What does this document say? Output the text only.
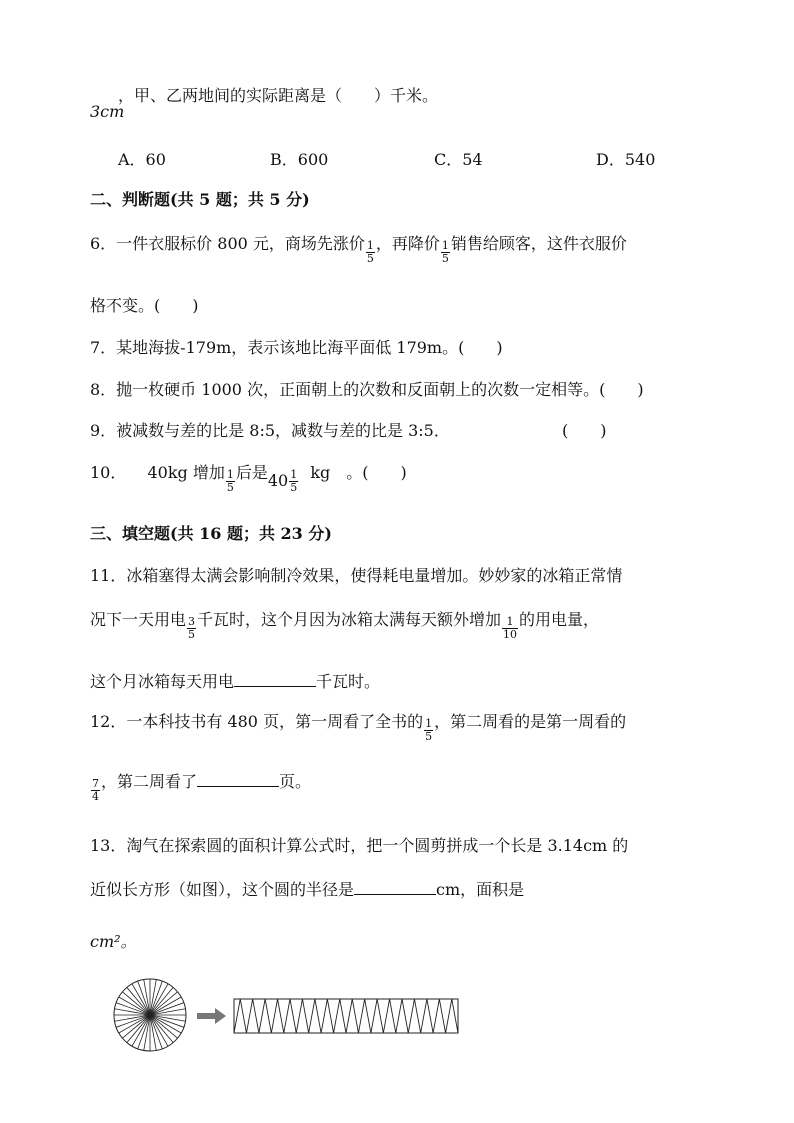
，甲、乙两地间的实际距离是（　　）千米。
3cm
A．60	B．600	C．54	D．540
二、判断题(共 5 题；共 5 分)
6．一件衣服标价 800 元，商场先涨价 $\frac{1}{5}$ ，再降价 $\frac{1}{5}$ 销售给顾客，这件衣服价
格不变。(　　)
7．某地海拔-179m，表示该地比海平面低 179m。(　　)
8．抛一枚硬币 1000 次，正面朝上的次数和反面朝上的次数一定相等。(　　)
9．被减数与差的比是 8:5，减数与差的比是 3:5．	(　　)
10． 40kg 增加 $\frac{1}{5}$ 后是$40 \frac{1}{5}$ kg　。(　　)
三、填空题(共 16 题；共 23 分)
11．冰箱塞得太满会影响制冷效果，使得耗电量增加。妙妙家的冰箱正常情
况下一天用电 $\frac{3}{5}$ 千瓦时，这个月因为冰箱太满每天额外增加 $\frac{1}{10}$ 的用电量，
这个月冰箱每天用电	千瓦时。
12．一本科技书有 480 页，第一周看了全书的 $\frac{1}{5}$ ，第二周看的是第一周看的
$\frac{7}{4}$ ，第二周看了	页。
13．淘气在探索圆的面积计算公式时，把一个圆剪拼成一个长是 3.14cm 的
近似长方形（如图），这个圆的半径是	cm，面积是
cm²。
